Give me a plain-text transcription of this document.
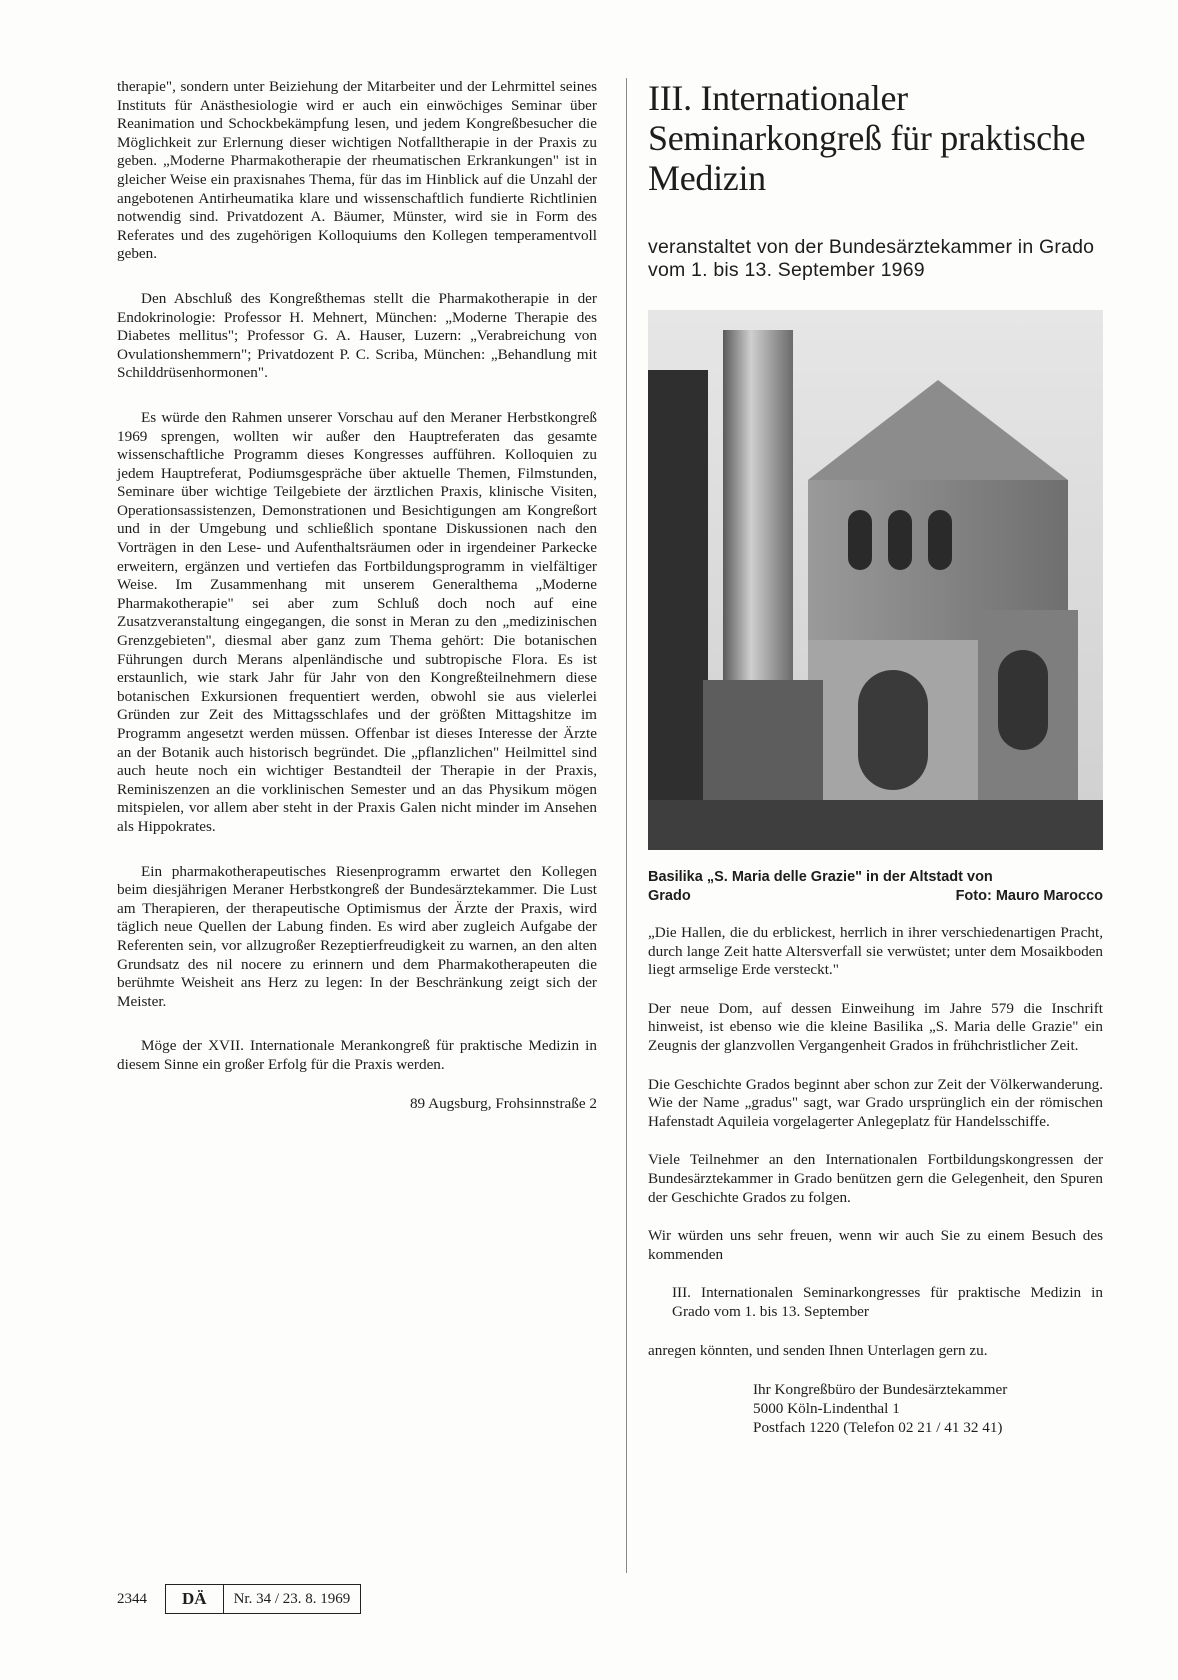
therapie", sondern unter Beiziehung der Mitarbeiter und der Lehrmittel seines Instituts für Anästhesiologie wird er auch ein einwöchiges Seminar über Reanimation und Schockbekämpfung lesen, und jedem Kongreßbesucher die Möglichkeit zur Erlernung dieser wichtigen Notfalltherapie in der Praxis zu geben. „Moderne Pharmakotherapie der rheumatischen Erkrankungen" ist in gleicher Weise ein praxisnahes Thema, für das im Hinblick auf die Unzahl der angebotenen Antirheumatika klare und wissenschaftlich fundierte Richtlinien notwendig sind. Privatdozent A. Bäumer, Münster, wird sie in Form des Referates und des zugehörigen Kolloquiums den Kollegen temperamentvoll geben.

Den Abschluß des Kongreßthemas stellt die Pharmakotherapie in der Endokrinologie: Professor H. Mehnert, München: „Moderne Therapie des Diabetes mellitus"; Professor G. A. Hauser, Luzern: „Verabreichung von Ovulationshemmern"; Privatdozent P. C. Scriba, München: „Behandlung mit Schilddrüsenhormonen".

Es würde den Rahmen unserer Vorschau auf den Meraner Herbstkongreß 1969 sprengen, wollten wir außer den Hauptreferaten das gesamte wissenschaftliche Programm dieses Kongresses aufführen. Kolloquien zu jedem Hauptreferat, Podiumsgespräche über aktuelle Themen, Filmstunden, Seminare über wichtige Teilgebiete der ärztlichen Praxis, klinische Visiten, Operationsassistenzen, Demonstrationen und Besichtigungen am Kongreßort und in der Umgebung und schließlich spontane Diskussionen nach den Vorträgen in den Lese- und Aufenthaltsräumen oder in irgendeiner Parkecke erweitern, ergänzen und vertiefen das Fortbildungsprogramm in vielfältiger Weise. Im Zusammenhang mit unserem Generalthema „Moderne Pharmakotherapie" sei aber zum Schluß doch noch auf eine Zusatzveranstaltung eingegangen, die sonst in Meran zu den „medizinischen Grenzgebieten", diesmal aber ganz zum Thema gehört: Die botanischen Führungen durch Merans alpenländische und subtropische Flora. Es ist erstaunlich, wie stark Jahr für Jahr von den Kongreßteilnehmern diese botanischen Exkursionen frequentiert werden, obwohl sie aus vielerlei Gründen zur Zeit des Mittagsschlafes und der größten Mittagshitze im Programm angesetzt werden müssen. Offenbar ist dieses Interesse der Ärzte an der Botanik auch historisch begründet. Die „pflanzlichen" Heilmittel sind auch heute noch ein wichtiger Bestandteil der Therapie in der Praxis, Reminiszenzen an die vorklinischen Semester und an das Physikum mögen mitspielen, vor allem aber steht in der Praxis Galen nicht minder im Ansehen als Hippokrates.

Ein pharmakotherapeutisches Riesenprogramm erwartet den Kollegen beim diesjährigen Meraner Herbstkongreß der Bundesärztekammer. Die Lust am Therapieren, der therapeutische Optimismus der Ärzte der Praxis, wird täglich neue Quellen der Labung finden. Es wird aber zugleich Aufgabe der Referenten sein, vor allzugroßer Rezeptierfreudigkeit zu warnen, an den alten Grundsatz des nil nocere zu erinnern und dem Pharmakotherapeuten die berühmte Weisheit ans Herz zu legen: In der Beschränkung zeigt sich der Meister.

Möge der XVII. Internationale Merankongreß für praktische Medizin in diesem Sinne ein großer Erfolg für die Praxis werden.

89 Augsburg, Frohsinnstraße 2

III. Internationaler Seminarkongreß für praktische Medizin
veranstaltet von der Bundesärztekammer in Grado vom 1. bis 13. September 1969
Basilika „S. Maria delle Grazie" in der Altstadt von
Grado	Foto: Mauro Marocco

„Die Hallen, die du erblickest, herrlich in ihrer verschiedenartigen Pracht, durch lange Zeit hatte Altersverfall sie verwüstet; unter dem Mosaikboden liegt armselige Erde versteckt."

Der neue Dom, auf dessen Einweihung im Jahre 579 die Inschrift hinweist, ist ebenso wie die kleine Basilika „S. Maria delle Grazie" ein Zeugnis der glanzvollen Vergangenheit Grados in frühchristlicher Zeit.

Die Geschichte Grados beginnt aber schon zur Zeit der Völkerwanderung. Wie der Name „gradus" sagt, war Grado ursprünglich ein der römischen Hafenstadt Aquileia vorgelagerter Anlegeplatz für Handelsschiffe.

Viele Teilnehmer an den Internationalen Fortbildungskongressen der Bundesärztekammer in Grado benützen gern die Gelegenheit, den Spuren der Geschichte Grados zu folgen.

Wir würden uns sehr freuen, wenn wir auch Sie zu einem Besuch des kommenden

III. Internationalen Seminarkongresses für praktische Medizin in Grado vom 1. bis 13. September

anregen könnten, und senden Ihnen Unterlagen gern zu.

Ihr Kongreßbüro der Bundesärztekammer
5000 Köln-Lindenthal 1
Postfach 1220 (Telefon 02 21 / 41 32 41)
2344	DÄ	Nr. 34 / 23. 8. 1969
